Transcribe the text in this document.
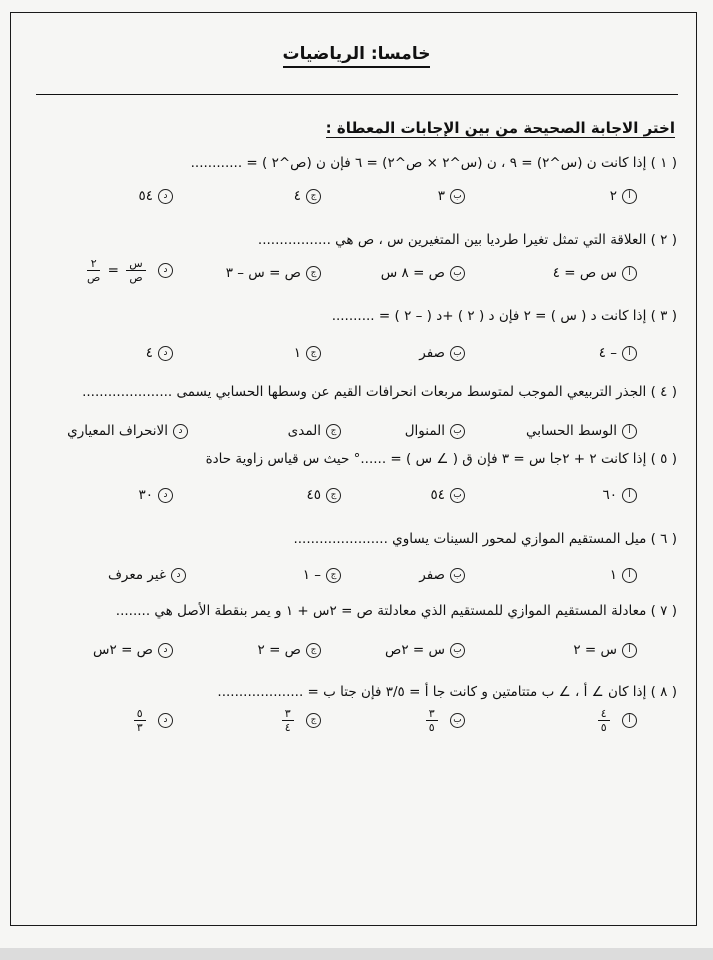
خامسا: الرياضيات
اختر الاجابة الصحيحة من بين الإجابات المعطاة :
( ١ ) إذا كانت ن (س^٢) = ٩ ، ن (س^٢ × ص^٢) = ٦ فإن ن (ص^٢ ) = ............
أ٢
ب٣
ج٤
د٥٤
( ٢ ) العلاقة التي تمثل تغيرا طرديا بين المتغيرين س ، ص هي .................
أس ص = ٤
بص = ٨ س
جص = س – ٣
د
$\frac{\text{س}}{\text{ص}}$
=
$\frac{٢}{\text{ص}}$
( ٣ ) إذا كانت د ( س ) = ٢ فإن د ( ٢ ) +د ( – ٢ ) = ..........
أ– ٤
بصفر
ج١
د٤
( ٤ ) الجذر التربيعي الموجب لمتوسط مربعات انحرافات القيم عن وسطها الحسابي يسمى .....................
أالوسط الحسابي
بالمنوال
جالمدى
دالانحراف المعياري
( ٥ ) إذا كانت ٢ + ٢جا س = ٣ فإن ق ( ∠ س ) = ......° حيث س قياس زاوية حادة
أ٦٠
ب٥٤
ج٤٥
د٣٠
( ٦ ) ميل المستقيم الموازي لمحور السينات يساوي ......................
أ١
بصفر
ج– ١
دغير معرف
( ٧ ) معادلة المستقيم الموازي للمستقيم الذي معادلتة ص = ٢س + ١ و يمر بنقطة الأصل هي ........
أس = ٢
بس = ٢ص
جص = ٢
دص = ٢س
( ٨ ) إذا كان ∠ أ ، ∠ ب متتامتين و كانت جا أ = ٣/٥ فإن جتا ب = ....................
أ
$\frac{٤}{٥}$
ب
$\frac{٣}{٥}$
ج
$\frac{٣}{٤}$
د
$\frac{٥}{٣}$
